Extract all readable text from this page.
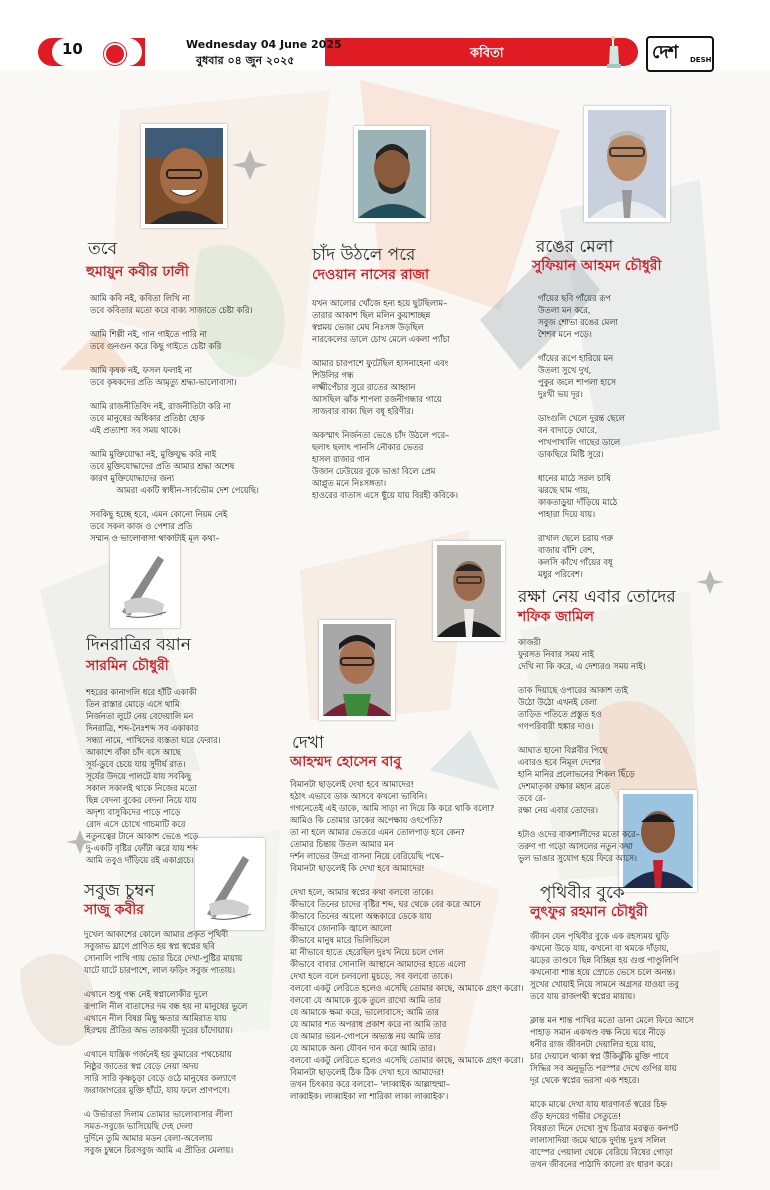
10	Wednesday 04 June 2025
বুধবার ০৪ জুন ২০২৫	কবিতা	দেশ DESH
তবে
হুমায়ুন কবীর ঢালী
আমি কবি নই, কবিতা লিখি না
তবে কবিতার মতো করে বাক্য সাজাতে চেষ্টা করি।

আমি শিল্পী নই, গান গাইতে পারি না
তবে গুনগুন করে কিছু গাইতে চেষ্টা করি

আমি কৃষক নই, ফসল ফলাই না
তবে কৃষকদের প্রতি আমৃত্যু শ্রদ্ধা-ভালোবাসা।

আমি রাজনীতিবিদ নই, রাজনীতিটা করি না
তবে মানুষের অধিকার প্রতিষ্ঠা হোক
এই প্রত্যাশা সব সময় থাকে।

আমি মুক্তিযোদ্ধা নই, মুক্তিযুদ্ধ করি নাই
তবে মুক্তিযোদ্ধাদের প্রতি আমার শ্রদ্ধা অশেষ
কারণ মুক্তিযোদ্ধাদের জন্য
আমরা একটি স্বাধীন-সার্বভৌম দেশ পেয়েছি।

সবকিছু হচ্ছে হবে, এমন কোনো নিয়ম নেই
তবে সকল কাজ ও পেশার প্রতি
সম্মান ও ভালোবাসা থাকাটাই মূল কথা–
চাঁদ উঠলে পরে
দেওয়ান নাসের রাজা
যখন আলোর খোঁজে হন্য হয়ে ছুটছিলাম–
তারার আকাশ ছিল মলিন কুয়াশাচ্ছন্ন
স্বপ্নময় ভেজা মেঘ নিঃসঙ্গ উড়ছিল
নারকেলের ডালে চোখ মেলে একলা প্যাঁচা

আমার চারপাশে ফুটেছিল হাসনাহেনা এবং
শিউলির গন্ধ
লক্ষ্মীপেঁচার সুরে রাতের আহ্বান
আসছিল ঝাঁক শাপলা রজনীগন্ধার গায়ে
সাজবার বাক্য ছিল বধূ হরিণীর।

অকস্মাৎ নির্জনতা ভেঙে চাঁদ উঠলে পরে–
ছলাৎ ছলাৎ পানসি নৌকার ভেতর
হাসল রাজার গান
উজান ঢেউয়ের বুকে ভাঙা বিলে প্রেম
আপ্লুত মনে নিঃসঙ্গতা।
হাওরের বাতাস এসে ছুঁয়ে যায় বিরহী কবিকে।
রঙের মেলা
সুফিয়ান আহমদ চৌধুরী
গাঁয়ের ছবি গাঁয়ের রূপ
উতলা মন করে,
সবুজ শোভা রঙের মেলা
শৈশব মনে পড়ে।

গাঁয়ের রূপে হারিয়ে মন
উতলা সুখে দুখ,
পুকুর জলে শাপলা হাসে
দুঃখী ভয় দূর।

ডাংগুলি খেলে দুরন্ত ছেলে
বন বাদাড়ে ঘোরে,
পাখপাখালি গাছের ডালে
ডাকছিরে মিষ্টি সুরে।

ধানের মাঠে সরল চাষি
ঝরছে ঘাম গায়,
কাকতাড়ুয়া দাঁড়িয়ে মাঠে
পাহারা দিয়ে যায়।

রাখাল ছেলে চরায় গরু
বাজায় বাঁশি বেশ,
কলসি কাঁখে গাঁয়ের বধূ
মধুর পরিবেশ।
দিনরাত্রির বয়ান
সারমিন চৌধুরী
শহরের কানাগলি ধরে হাঁটি একাকী
তিন রাস্তার মোড়ে এসে থামি
নির্জনতা লুটে নেয় বেদেয়ালি মন
দিনরাত্রি, শব্দ-নৈঃশব্দ সব একাকার
সন্ধ্যা নামে, পাখিদের ব্যস্ততা ঘরে ফেরার।
আকাশে বাঁকা চাঁদ বসে আছে
সূর্য-ডুবে চেয়ে যায় সুদীর্ঘ রাত।
সূর্যের উদয়ে পালটে যায় সবকিছু
সকাল সকালই থাকে নিজের মতো
ছিন্ন বেদনা বুকের বেদনা নিয়ে যায়
অদৃশ্য বাসুকিদের পাড়ে পাড়ে
রোদ এসে চোখে গাচমাটি করে
নতুনত্বের টানে আকাশ ভেঙে পড়ে
দু-একটি বৃষ্টির ফোঁটা ঝরে যায় শব্দ
আমি তবুও দাঁড়িয়ে রই একাগ্রচে।
রক্ষা নেয় এবার তোদের
শফিক জামিল
কাজরী
ফুরসত নিবার সময় নাই
দেখি না কি করে, এ দেশ্যরও সময় নাই।

তাক দিয়াছে ওপারের আকাশ তাই
উঠো উঠো এখনই বেলা
তাড়িত পতিতে প্রস্তুত হও
গণপরিবারী হুঙ্কার দাও।

আঘাত হানো বিপ্লবীর পিছে
এবারও হবে নিমূল দেশের
হানি মানির প্রলোভনের শিকল ছিঁড়ে
দেশমাতৃকা রক্ষার মহান ব্রতে
তবে রে-
রক্ষা নেয় এবার তোদের।

হটাও ওদের বাকশালীদের মতো করে–
তরুণ গা গড়ো আসলের নতুন কথা
ভুল ভাঙার সুযোগ হয়ে ফিরে আসে।
দেখা
আহম্মদ হোসেন বাবু
বিমানটা ছাড়লেই দেখা হবে আমাদের!
হঠাৎ এভাবে ডাক আসবে কখনো ভাবিনি।
গগনেতেই এই ডাকে, আমি সাড়া না দিয়ে কি করে থাকি বলো?
আমিও কি তোমার ডাকের অপেক্ষায় ওৎপেতি?
তা না হলে আমার ভেতরে এমন তোলপাড় হবে কেন?
তোমার চিন্তায় উতল আমার মন
দর্শন লাভের উদগ্র বাসনা নিয়ে বেরিয়েছি পথে–
বিমানটা ছাড়লেই কি দেখা হবে আমাদের!

দেখা হলে, আমার স্বপ্নের কথা বলবো তাকে।
কীভাবে তিনের চাদের বৃষ্টির শব্দ, ঘর থেকে বের করে আনে
কীভাবে তিনের আলো অন্ধকারে ডেকে যায়
কীভাবে জোনাকি জ্বালে আলো
কীভাবে মানুষ মারে ভিলিভিলে
মা নীভাবে হাতে হেরেছিল দুঃখ নিয়ে চলে গেল
কীভাবে বাবার সোনালি আস্থানে আমাদের হাতে এলো
দেখা হলে বলে চলবলো মুচড়ে, সব বলবো তাকে।
বলবো একটু লেরিতে হলেও এসেছি তোমার কাছে, আমাকে গ্রহণ করো।
বলবো যে আমাকে বুকে তুলে রাখো আমি তার
যে আমাকে ক্ষমা করে, ভালোবাসে; আমি তার
যে আমার শত অপরাধ প্রকাশ করে না আমি তার
যে আমার ভয়ন-গোপনে অভ্যস্ত নয় আমি তার
যে আমাকে অন্য যৌবন দান করে আমি তার।
বলবো একটু লেরিতে হলেও এসেছি তোমার কাছে, আমাকে গ্রহণ করো।
বিমানটা ছাড়লেই ঠিক ঠিক দেখা হবে আমাদের!
তখন চিৎকার করে বলবো– 'লাব্বাইক আল্লাহুম্মা–
লাব্বাইক। লাব্বাইকা লা শারিকা লাকা লাব্বাইক'।
সবুজ চুম্বন
সাজু কবীর
দুখেল আকাশের কোলে আমার প্রকৃত পৃথিবী
সবুজাভ ঘ্রাণে প্রাণিত হয় স্বপ্ন স্বপ্নের ছবি
সোনালি পাখি গায় ভোর চিরে দেখা-পুষ্টির মায়ায়
যাটে যাটে চারপাশে, লাল ফড়িং সবুজ পাতায়।

এখানে শুধু গন্ধ নেই স্বপ্নালোকীর দুলে
রূপালি নীল বাতাসের দম বন্ধ হয় না মানুষের ভুলে
এখানে নীল বিষণ্ণ মিছু ক্ষতার আমিরাত যায়
হিরণ্ময় প্রীতির অভ তারকায়ী দূরের চাঁদোয়ায়।

এখানে যান্ত্রিক গর্জনেই হয় কুমারের পথচেয়ায়
নিষ্ঠুর জাতের স্বপ্ন বেড়ে নেয়া অদয়
সারি সারি কৃষ্ণচূড়া বেড়ে ওঠে মানুষের কল্যাণে
জরাজাগরের মুক্তি হাঁটে, যায় ফলে প্রাণপণে।

এ উর্ভারতা দিলাম তোমার ভালোবাসার লীলা
সমত-সবুজে ভাসিয়েছি দেহ দেলা
দুর্দিনে তুমি আমার মডন বেলা-অবেলায়
সবুজ চুম্বনে চিরসবুজ আমি এ প্রীতির মেলায়।
পৃথিবীর বুকে
লুৎফুর রহমান চৌধুরী
জীবন যেন পৃথিবীর বুকে এক রহস্যময় ঘুড়ি
কখনো উড়ে যায়, কখনো বা থমকে দাঁড়ায়,
ঝড়ের তাণ্ডবে ছিন্ন বিচ্ছিন্ন হয় গুপ্ত পাণ্ডুলিপি
কখনোবা শান্ত হয়ে স্রোতে ভেসে চলে অনন্ত।
সুখের খোয়াই নিয়ে সামনে অগ্রসর যাওয়া তবু
তবে যায় রাজপথী স্বপ্নের মায়ায়।

ক্লান্ত মন শান্ত পাখির মতো ডানা মেলে ফিরে আসে
পাহাড় সমান একখণ্ড বক্ষ নিয়ে ঘরে নীড়ে
ধনীর রাজ জীবনটা দেয়ালির হয়ে যায়,
চার দেয়ালে থাকা স্বপ্ন উঁকিঝুঁকি মুক্তি পাবে
সিদ্ধির সব অনুভূতি পরস্পর দেখে গুপির যায়
দূর থেকে স্বপ্নের ভরসা এক শহরে।

মাকে মাঝে দেখা যায় ধারণাবর্ত স্বরের চিহ্ন
গুঁড় হৃদয়ের গভীর সেতুতে!
বিষণ্ণতা দিনে দেখো সুখ চিত্রার মরত্বত কনপট
লালাসাদিয়া জমে থাকে দুর্দান্ত দুঃখ সলিল
বাস্পের পেয়ালা থেকে বেরিয়ে বিষের গোড়া
তখন জীবনের পাঠাদি কালো রং ধারণ করে।
